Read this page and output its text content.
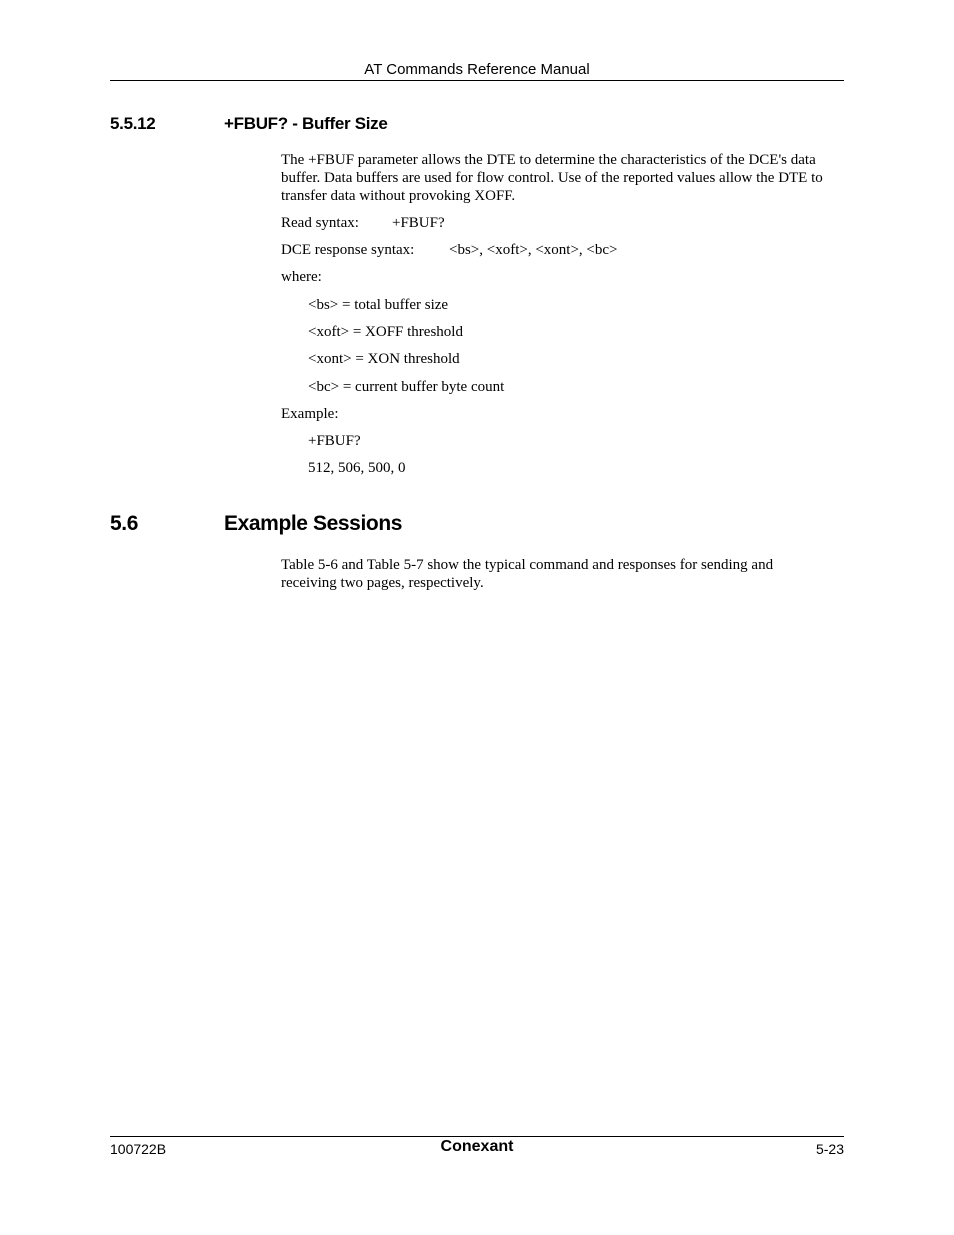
AT Commands Reference Manual
5.5.12	+FBUF? - Buffer Size
The +FBUF parameter allows the DTE to determine the characteristics of the DCE's data buffer. Data buffers are used for flow control. Use of the reported values allow the DTE to transfer data without provoking XOFF.
Read syntax: +FBUF?
DCE response syntax: <bs>, <xoft>, <xont>, <bc>
where:
<bs> = total buffer size
<xoft> = XOFF threshold
<xont> = XON threshold
<bc> = current buffer byte count
Example:
+FBUF?
512, 506, 500, 0
5.6	Example Sessions
Table 5-6 and Table 5-7 show the typical command and responses for sending and receiving two pages, respectively.
100722B	Conexant	5-23
